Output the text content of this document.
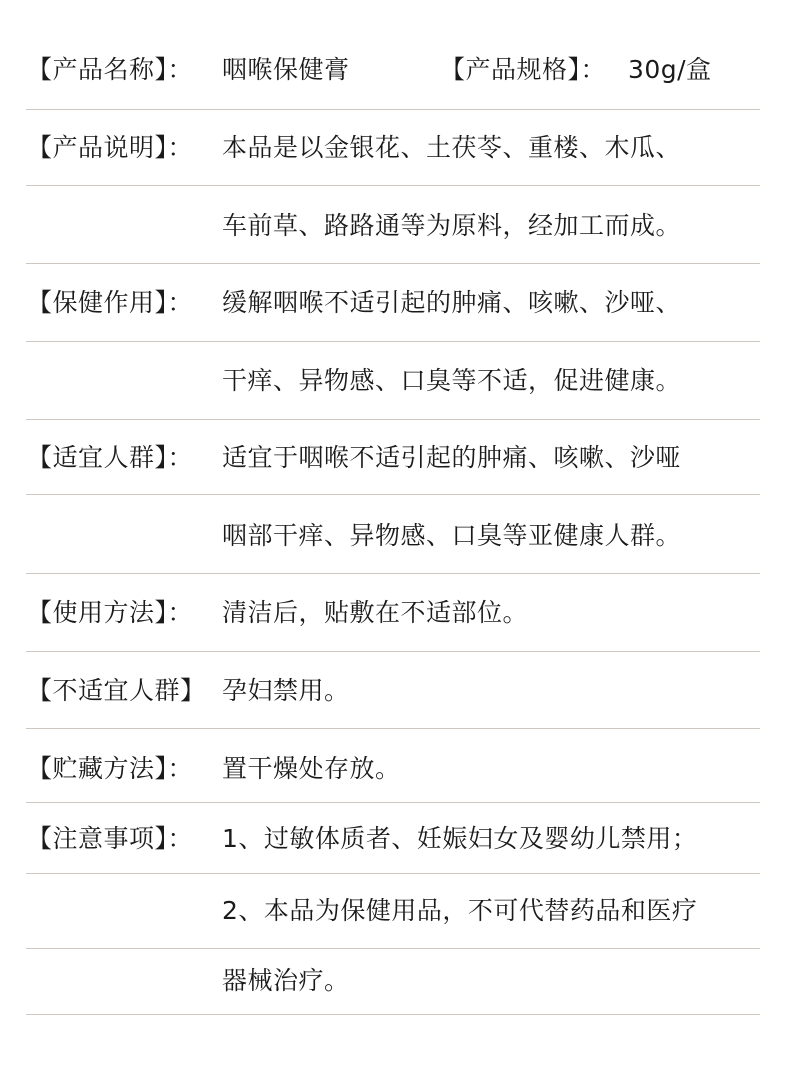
【产品名称】： 咽喉保健膏	【产品规格】： 30g/盒
【产品说明】： 本品是以金银花、土茯苓、重楼、木瓜、
车前草、路路通等为原料，经加工而成。
【保健作用】： 缓解咽喉不适引起的肿痛、咳嗽、沙哑、
干痒、异物感、口臭等不适，促进健康。
【适宜人群】： 适宜于咽喉不适引起的肿痛、咳嗽、沙哑
咽部干痒、异物感、口臭等亚健康人群。
【使用方法】： 清洁后，贴敷在不适部位。
【不适宜人群】 孕妇禁用。
【贮藏方法】： 置干燥处存放。
【注意事项】： 1、过敏体质者、妊娠妇女及婴幼儿禁用；
2、本品为保健用品，不可代替药品和医疗
器械治疗。
